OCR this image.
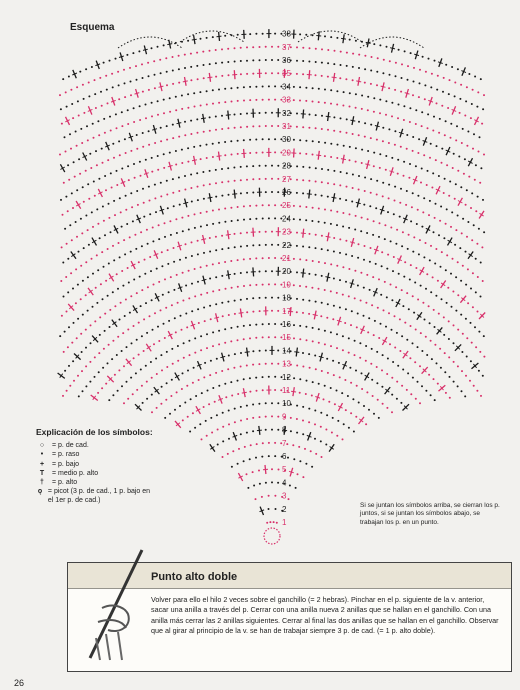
Esquema
1
2
3
4
5
6
7
8
9
10
11
12
13
14
15
16
17
18
19
20
21
22
23
24
25
26
27
28
29
30
31
32
33
34
35
36
37
38
Explicación de los símbolos:
○	= p. de cad.
•	= p. raso
+	= p. bajo
T	= medio p. alto
†	= p. alto
ǫ = picot (3 p. de cad., 1 p. bajo en el 1er p. de cad.)
Si se juntan los símbolos arriba, se cierran los p. juntos, si se juntan los símbolos abajo, se trabajan los p. en un punto.
Punto alto doble
Volver para ello el hilo 2 veces sobre el ganchillo (= 2 hebras). Pinchar en el p. siguiente de la v. anterior, sacar una anilla a través del p. Cerrar con una anilla nueva 2 anillas que se hallan en el ganchillo. Con una anilla más cerrar las 2 anillas siguientes. Cerrar al final las dos anillas que se hallan en el ganchillo. Observar que al girar al principio de la v. se han de trabajar siempre 3 p. de cad. (= 1 p. alto doble).
26
